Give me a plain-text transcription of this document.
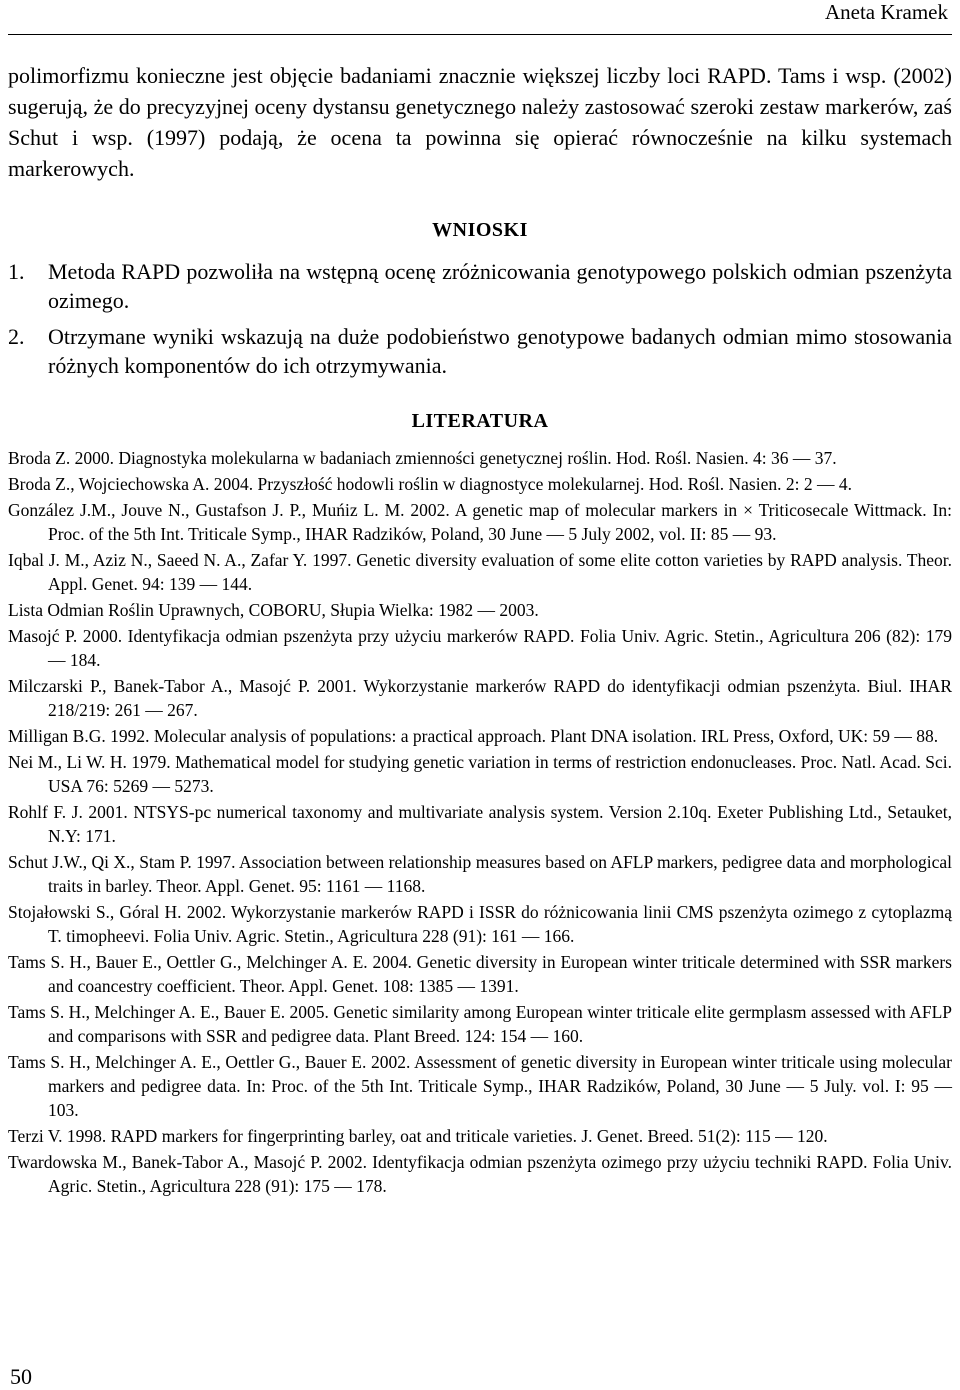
Aneta Kramek

polimorfizmu konieczne jest objęcie badaniami znacznie większej liczby loci RAPD. Tams i wsp. (2002) sugerują, że do precyzyjnej oceny dystansu genetycznego należy zastosować szeroki zestaw markerów, zaś Schut i wsp. (1997) podają, że ocena ta powinna się opierać równocześnie na kilku systemach markerowych.

WNIOSKI
1. Metoda RAPD pozwoliła na wstępną ocenę zróżnicowania genotypowego polskich odmian pszenżyta ozimego.
2. Otrzymane wyniki wskazują na duże podobieństwo genotypowe badanych odmian mimo stosowania różnych komponentów do ich otrzymywania.
LITERATURA
Broda Z. 2000. Diagnostyka molekularna w badaniach zmienności genetycznej roślin. Hod. Rośl. Nasien. 4: 36 — 37.
Broda Z., Wojciechowska A. 2004. Przyszłość hodowli roślin w diagnostyce molekularnej. Hod. Rośl. Nasien. 2: 2 — 4.
González J.M., Jouve N., Gustafson J. P., Muńiz L. M. 2002. A genetic map of molecular markers in × Triticosecale Wittmack. In: Proc. of the 5th Int. Triticale Symp., IHAR Radzików, Poland, 30 June — 5 July 2002, vol. II: 85 — 93.
Iqbal J. M., Aziz N., Saeed N. A., Zafar Y. 1997. Genetic diversity evaluation of some elite cotton varieties by RAPD analysis. Theor. Appl. Genet. 94: 139 — 144.
Lista Odmian Roślin Uprawnych, COBORU, Słupia Wielka: 1982 — 2003.
Masojć P. 2000. Identyfikacja odmian pszenżyta przy użyciu markerów RAPD. Folia Univ. Agric. Stetin., Agricultura 206 (82): 179 — 184.
Milczarski P., Banek-Tabor A., Masojć P. 2001. Wykorzystanie markerów RAPD do identyfikacji odmian pszenżyta. Biul. IHAR 218/219: 261 — 267.
Milligan B.G. 1992. Molecular analysis of populations: a practical approach. Plant DNA isolation. IRL Press, Oxford, UK: 59 — 88.
Nei M., Li W. H. 1979. Mathematical model for studying genetic variation in terms of restriction endonucleases. Proc. Natl. Acad. Sci. USA 76: 5269 — 5273.
Rohlf F. J. 2001. NTSYS-pc numerical taxonomy and multivariate analysis system. Version 2.10q. Exeter Publishing Ltd., Setauket, N.Y: 171.
Schut J.W., Qi X., Stam P. 1997. Association between relationship measures based on AFLP markers, pedigree data and morphological traits in barley. Theor. Appl. Genet. 95: 1161 — 1168.
Stojałowski S., Góral H. 2002. Wykorzystanie markerów RAPD i ISSR do różnicowania linii CMS pszenżyta ozimego z cytoplazmą T. timopheevi. Folia Univ. Agric. Stetin., Agricultura 228 (91): 161 — 166.
Tams S. H., Bauer E., Oettler G., Melchinger A. E. 2004. Genetic diversity in European winter triticale determined with SSR markers and coancestry coefficient. Theor. Appl. Genet. 108: 1385 — 1391.
Tams S. H., Melchinger A. E., Bauer E. 2005. Genetic similarity among European winter triticale elite germplasm assessed with AFLP and comparisons with SSR and pedigree data. Plant Breed. 124: 154 — 160.
Tams S. H., Melchinger A. E., Oettler G., Bauer E. 2002. Assessment of genetic diversity in European winter triticale using molecular markers and pedigree data. In: Proc. of the 5th Int. Triticale Symp., IHAR Radzików, Poland, 30 June — 5 July. vol. I: 95 — 103.
Terzi V. 1998. RAPD markers for fingerprinting barley, oat and triticale varieties. J. Genet. Breed. 51(2): 115 — 120.
Twardowska M., Banek-Tabor A., Masojć P. 2002. Identyfikacja odmian pszenżyta ozimego przy użyciu techniki RAPD. Folia Univ. Agric. Stetin., Agricultura 228 (91): 175 — 178.
50
